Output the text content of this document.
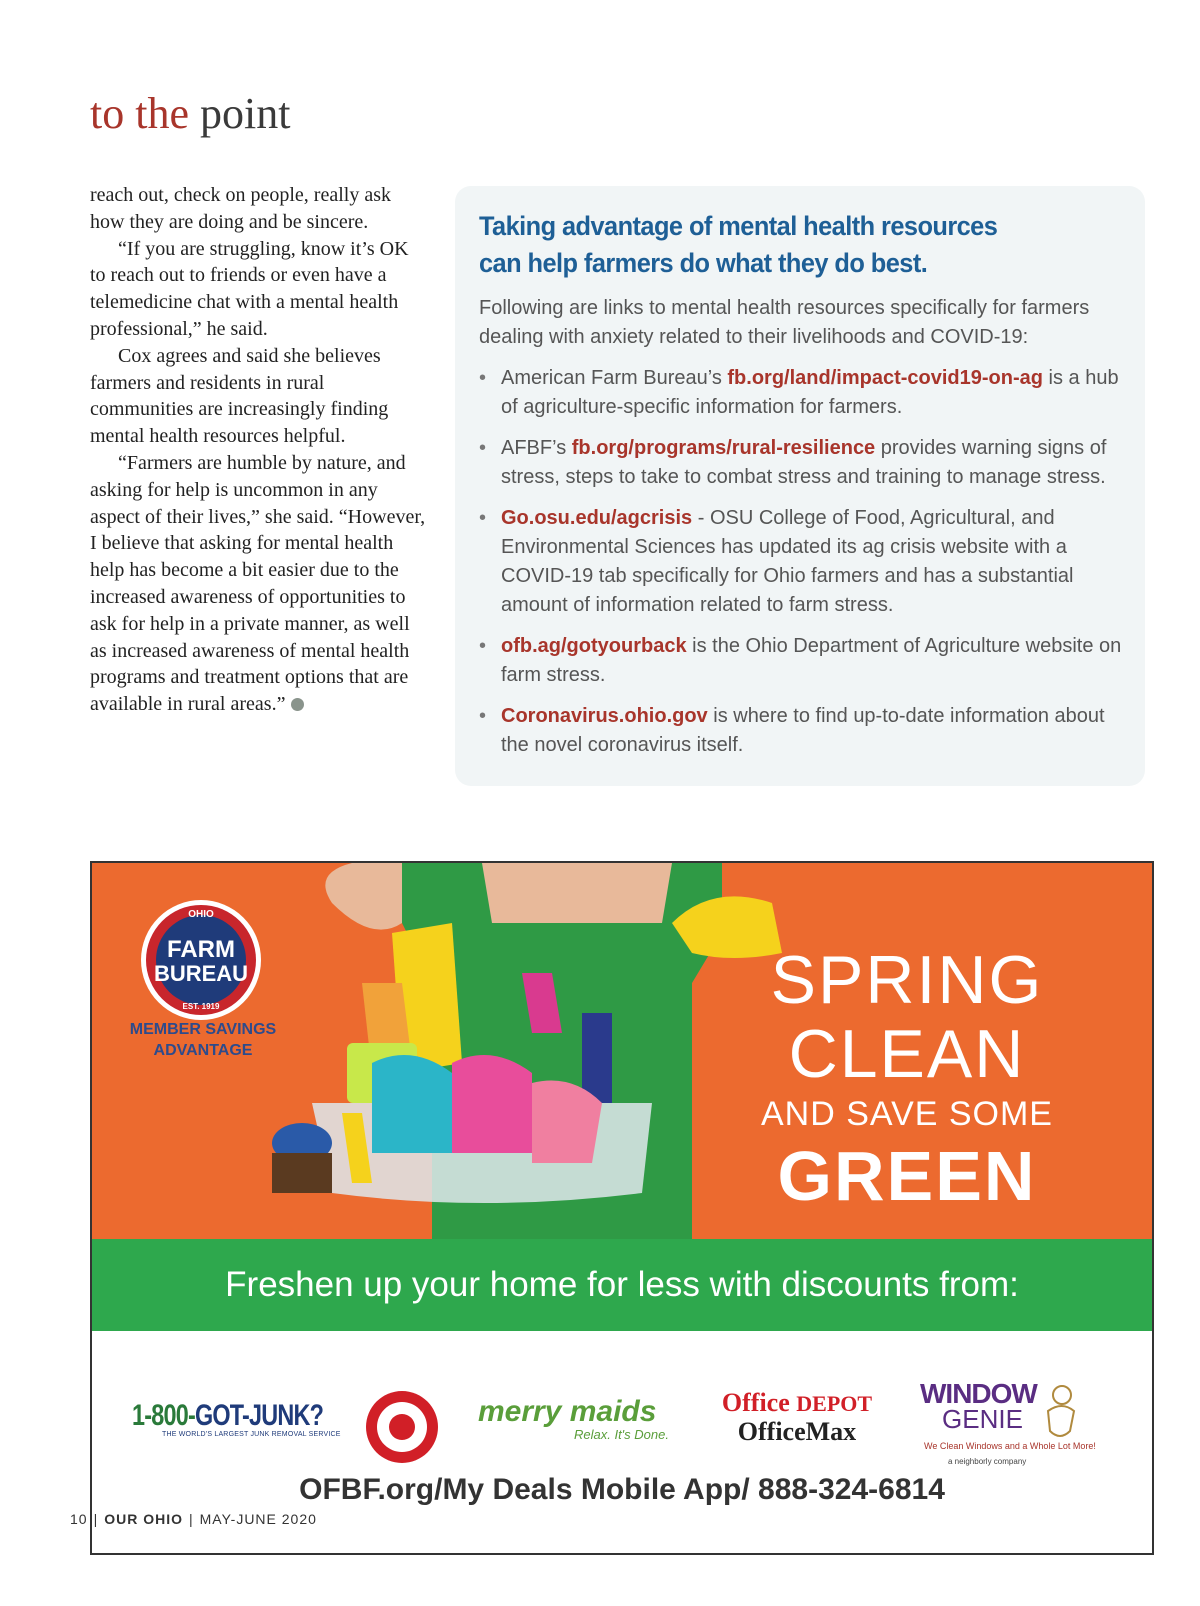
to the point

reach out, check on people, really ask how they are doing and be sincere.

“If you are struggling, know it’s OK to reach out to friends or even have a telemedicine chat with a mental health professional,” he said.

Cox agrees and said she believes farmers and residents in rural communities are increasingly finding mental health resources helpful.

“Farmers are humble by nature, and asking for help is uncommon in any aspect of their lives,” she said. “However, I believe that asking for mental health help has become a bit easier due to the increased awareness of opportunities to ask for help in a private manner, as well as increased awareness of mental health programs and treatment options that are available in rural areas.”

Taking advantage of mental health resources
can help farmers do what they do best.

Following are links to mental health resources specifically for farmers dealing with anxiety related to their livelihoods and COVID-19:

• American Farm Bureau’s fb.org/land/impact-covid19-on-ag is a hub of agriculture-specific information for farmers.
• AFBF’s fb.org/programs/rural-resilience provides warning signs of stress, steps to take to combat stress and training to manage stress.
• Go.osu.edu/agcrisis - OSU College of Food, Agricultural, and Environmental Sciences has updated its ag crisis website with a COVID-19 tab specifically for Ohio farmers and has a substantial amount of information related to farm stress.
• ofb.ag/gotyourback is the Ohio Department of Agriculture website on farm stress.
• Coronavirus.ohio.gov is where to find up-to-date information about the novel coronavirus itself.
OHIO
FARM
BUREAU
EST. 1919
MEMBER SAVINGS
ADVANTAGE
SPRING
CLEAN
AND SAVE SOME
GREEN
Freshen up your home for less with discounts from:
1-800-GOT-JUNK?
THE WORLD'S LARGEST JUNK REMOVAL SERVICE
merry maids
Relax. It's Done.
Office DEPOT
OfficeMax
WINDOW
GENIE
We Clean Windows and a Whole Lot More!
a neighborly company
OFBF.org/My Deals Mobile App/ 888-324-6814
10 | OUR OHIO | MAY-JUNE 2020
